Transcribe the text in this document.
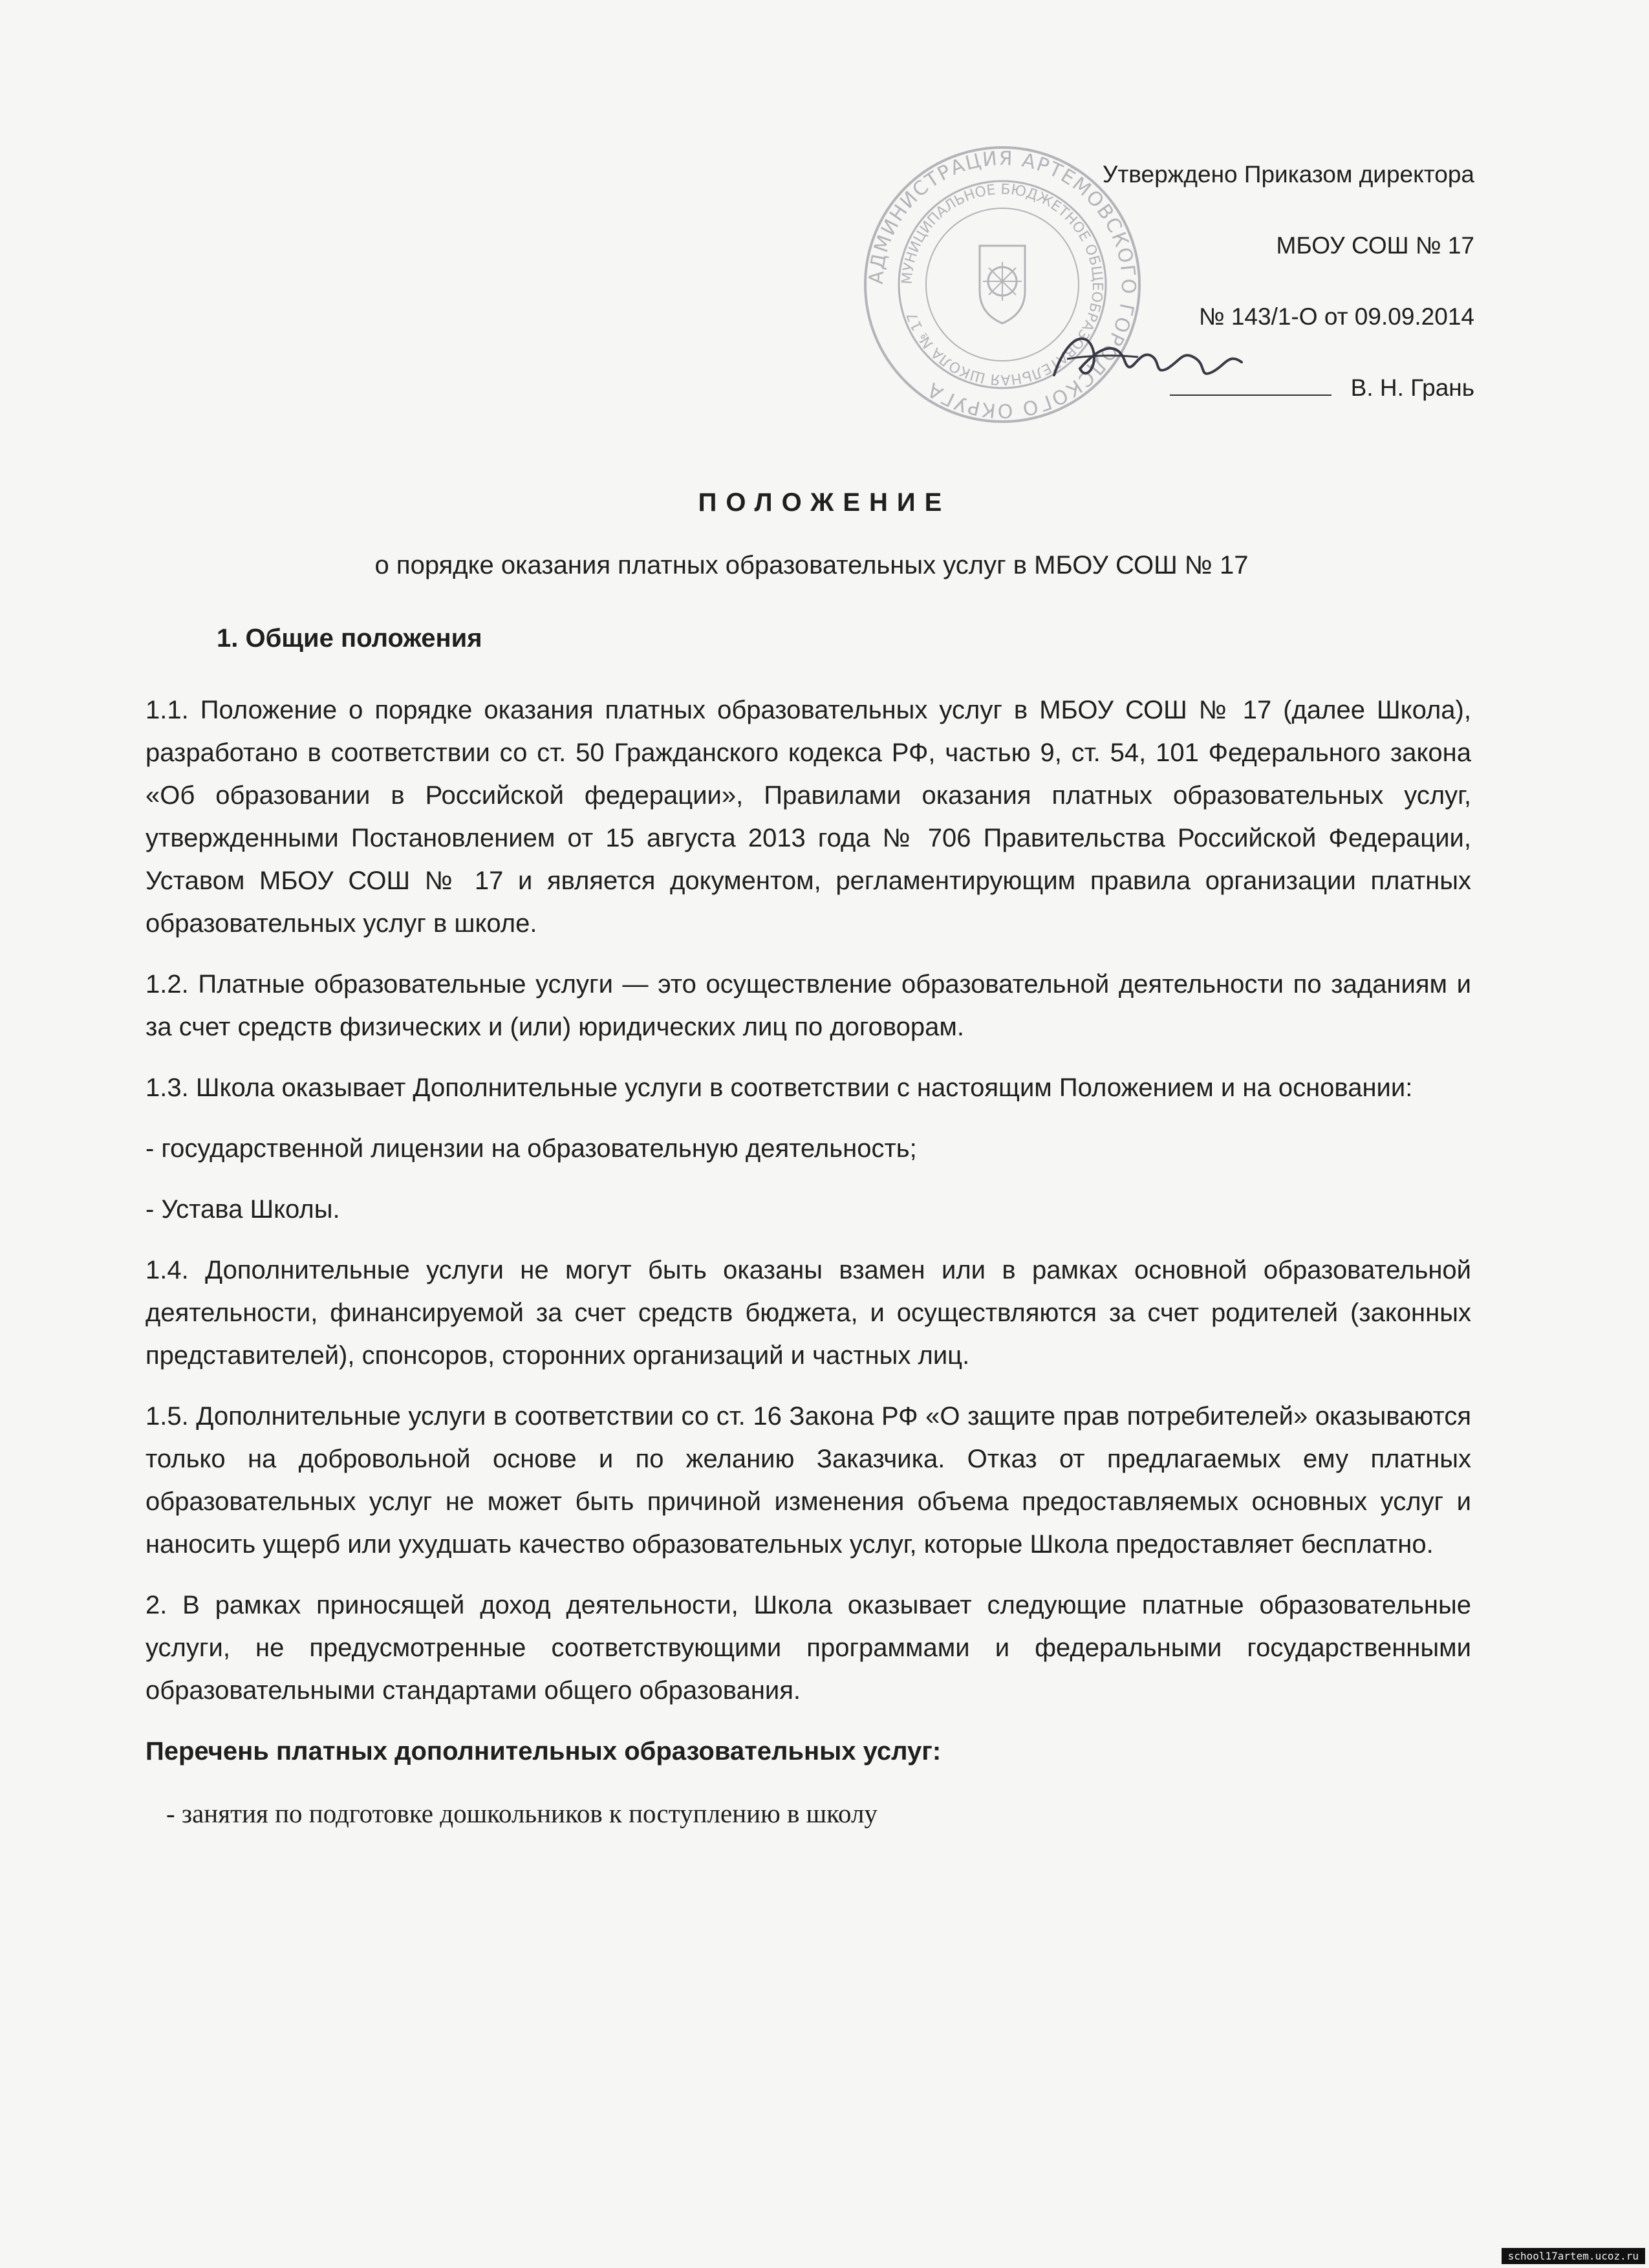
АДМИНИСТРАЦИЯ АРТЁМОВСКОГО ГОРОДСКОГО ОКРУГА
МУНИЦИПАЛЬНОЕ БЮДЖЕТНОЕ ОБЩЕОБРАЗОВАТЕЛЬНАЯ ШКОЛА № 17
Утверждено Приказом директора
МБОУ СОШ № 17
№ 143/1-О от 09.09.2014
В. Н. Грань
ПОЛОЖЕНИЕ
о порядке оказания платных образовательных услуг в МБОУ СОШ № 17
1. Общие положения

1.1. Положение о порядке оказания платных образовательных услуг в МБОУ СОШ № 17 (далее Школа), разработано в соответствии со ст. 50 Гражданского кодекса РФ, частью 9, ст. 54, 101 Федерального закона «Об образовании в Российской федерации», Правилами оказания платных образовательных услуг, утвержденными Постановлением от 15 августа 2013 года № 706 Правительства Российской Федерации, Уставом МБОУ СОШ № 17 и является документом, регламентирующим правила организации платных образовательных услуг в школе.

1.2. Платные образовательные услуги — это осуществление образовательной деятельности по заданиям и за счет средств физических и (или) юридических лиц по договорам.

1.3. Школа оказывает Дополнительные услуги в соответствии с настоящим Положением и на основании:

- государственной лицензии на образовательную деятельность;

- Устава Школы.

1.4. Дополнительные услуги не могут быть оказаны взамен или в рамках основной образовательной деятельности, финансируемой за счет средств бюджета, и осуществляются за счет родителей (законных представителей), спонсоров, сторонних организаций и частных лиц.

1.5. Дополнительные услуги в соответствии со ст. 16 Закона РФ «О защите прав потребителей» оказываются только на добровольной основе и по желанию Заказчика. Отказ от предлагаемых ему платных образовательных услуг не может быть причиной изменения объема предоставляемых основных услуг и наносить ущерб или ухудшать качество образовательных услуг, которые Школа предоставляет бесплатно.

2. В рамках приносящей доход деятельности, Школа оказывает следующие платные образовательные услуги, не предусмотренные соответствующими программами и федеральными государственными образовательными стандартами общего образования.

Перечень платных дополнительных образовательных услуг:

- занятия по подготовке дошкольников к поступлению в школу

school17artem.ucoz.ru
